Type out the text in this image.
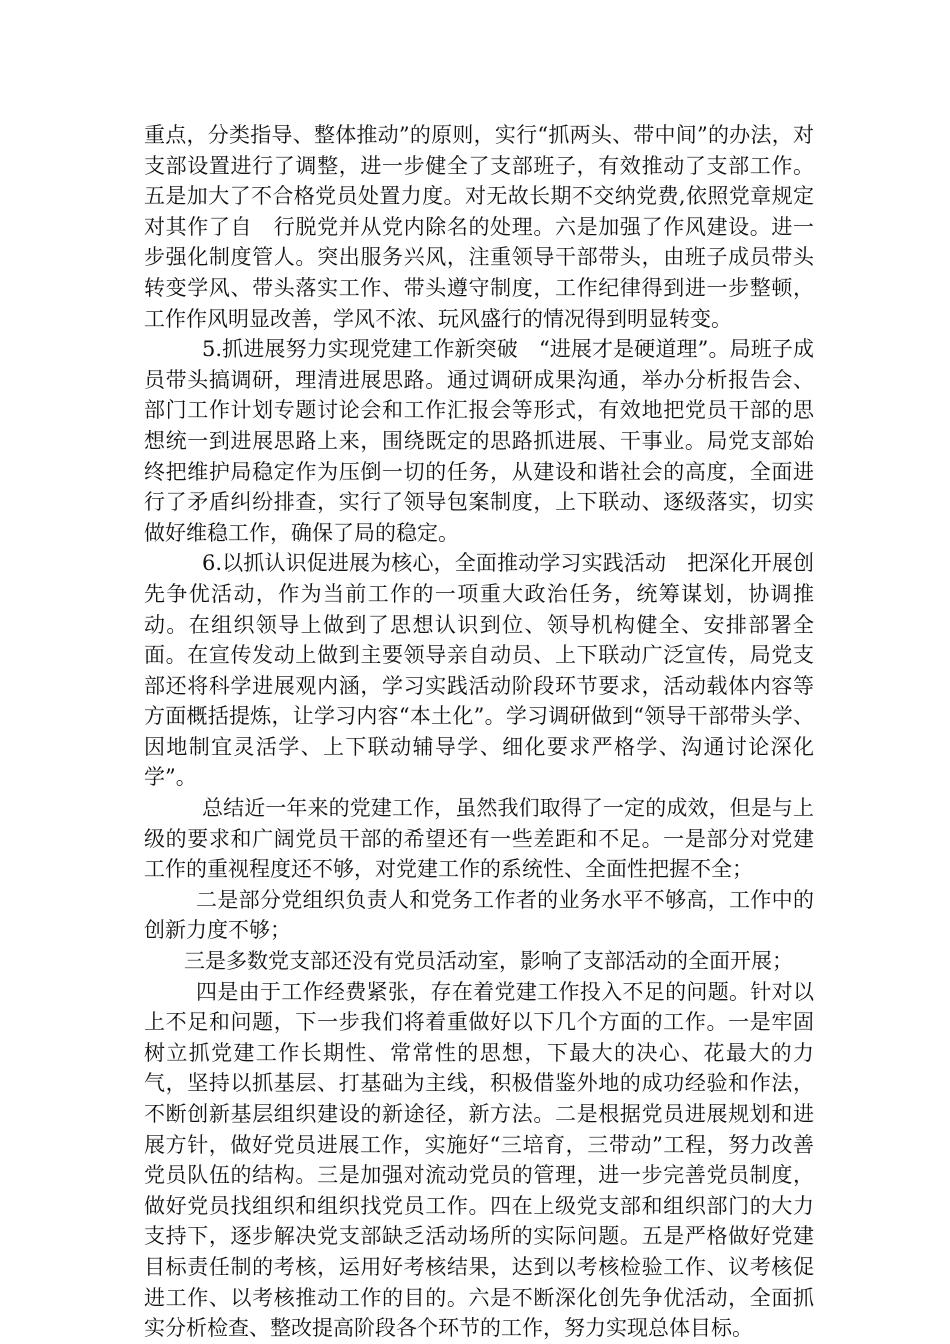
重点，分类指导、整体推动”的原则，实行“抓两头、带中间”的办法，对支部设置进行了调整，进一步健全了支部班子，有效推动了支部工作。五是加大了不合格党员处置力度。对无故长期不交纳党费,依照党章规定对其作了自　行脱党并从党内除名的处理。六是加强了作风建设。进一步强化制度管人。突出服务兴风，注重领导干部带头，由班子成员带头转变学风、带头落实工作、带头遵守制度，工作纪律得到进一步整顿，工作作风明显改善，学风不浓、玩风盛行的情况得到明显转变。

5.抓进展努力实现党建工作新突破　“进展才是硬道理”。局班子成员带头搞调研，理清进展思路。通过调研成果沟通，举办分析报告会、部门工作计划专题讨论会和工作汇报会等形式，有效地把党员干部的思想统一到进展思路上来，围绕既定的思路抓进展、干事业。局党支部始终把维护局稳定作为压倒一切的任务，从建设和谐社会的高度，全面进行了矛盾纠纷排查，实行了领导包案制度，上下联动、逐级落实，切实做好维稳工作，确保了局的稳定。

6.以抓认识促进展为核心，全面推动学习实践活动　把深化开展创先争优活动，作为当前工作的一项重大政治任务，统筹谋划，协调推动。在组织领导上做到了思想认识到位、领导机构健全、安排部署全面。在宣传发动上做到主要领导亲自动员、上下联动广泛宣传，局党支部还将科学进展观内涵，学习实践活动阶段环节要求，活动载体内容等方面概括提炼，让学习内容“本土化”。学习调研做到“领导干部带头学、因地制宜灵活学、上下联动辅导学、细化要求严格学、沟通讨论深化学”。

总结近一年来的党建工作，虽然我们取得了一定的成效，但是与上级的要求和广阔党员干部的希望还有一些差距和不足。一是部分对党建工作的重视程度还不够，对党建工作的系统性、全面性把握不全；

二是部分党组织负责人和党务工作者的业务水平不够高，工作中的创新力度不够；

三是多数党支部还没有党员活动室，影响了支部活动的全面开展；

四是由于工作经费紧张，存在着党建工作投入不足的问题。针对以上不足和问题，下一步我们将着重做好以下几个方面的工作。一是牢固树立抓党建工作长期性、常常性的思想，下最大的决心、花最大的力气，坚持以抓基层、打基础为主线，积极借鉴外地的成功经验和作法，不断创新基层组织建设的新途径，新方法。二是根据党员进展规划和进展方针，做好党员进展工作，实施好“三培育，三带动”工程，努力改善党员队伍的结构。三是加强对流动党员的管理，进一步完善党员制度，做好党员找组织和组织找党员工作。四在上级党支部和组织部门的大力支持下，逐步解决党支部缺乏活动场所的实际问题。五是严格做好党建目标责任制的考核，运用好考核结果，达到以考核检验工作、议考核促进工作、以考核推动工作的目的。六是不断深化创先争优活动，全面抓实分析检查、整改提高阶段各个环节的工作，努力实现总体目标。
